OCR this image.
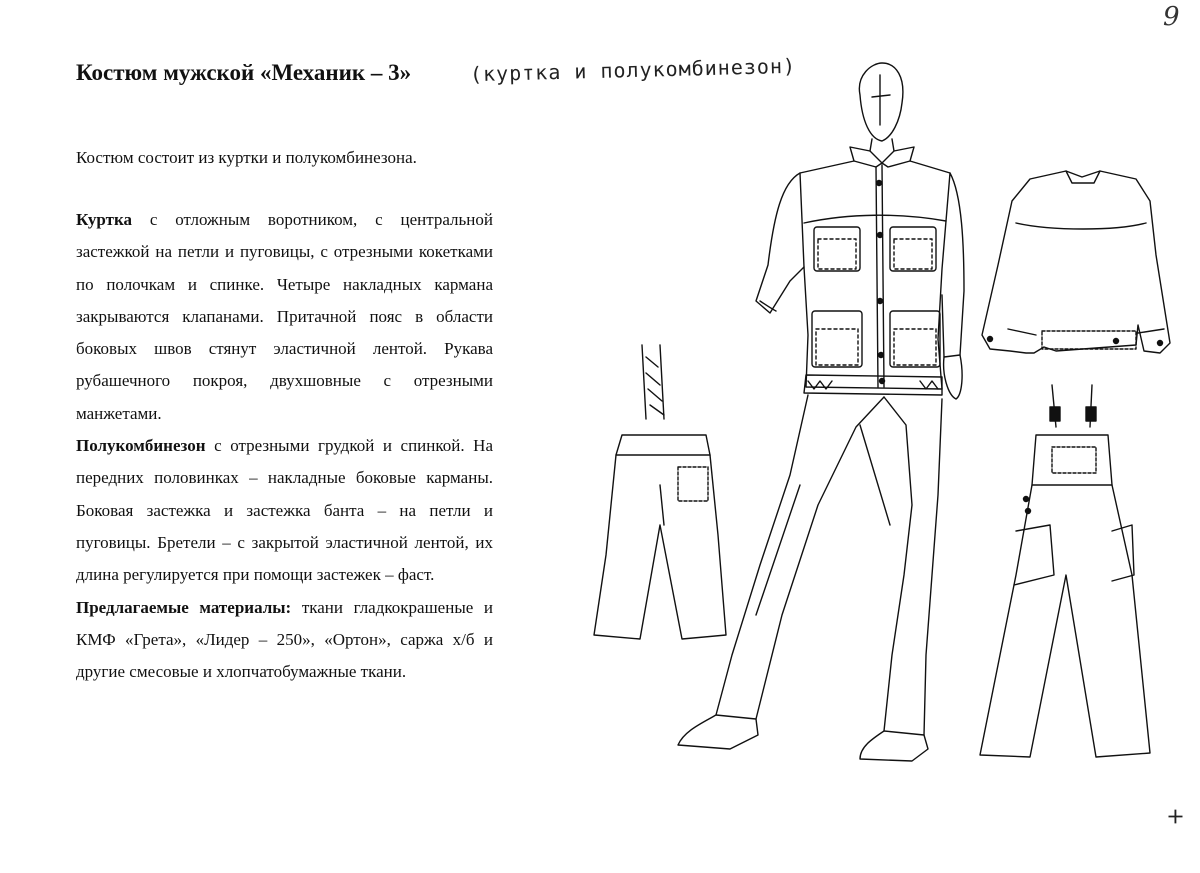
9
+
Костюм мужской «Механик – 3»	(куртка и полукомбинезон)
Костюм состоит из куртки и полукомбинезона.

Куртка с отложным воротником, с центральной застежкой на петли и пуговицы, с отрезными кокетками по полочкам и спинке. Четыре накладных кармана закрываются клапанами. Притачной пояс в области боковых швов стянут эластичной лентой. Рукава рубашечного покроя, двухшовные с отрезными манжетами.

Полукомбинезон с отрезными грудкой и спинкой. На передних половинках – накладные боковые карманы. Боковая застежка и застежка банта – на петли и пуговицы. Бретели – с закрытой эластичной лентой, их длина регулируется при помощи застежек – фаст.

Предлагаемые материалы: ткани гладкокрашеные и КМФ «Грета», «Лидер – 250», «Ортон», саржа х/б и другие смесовые и хлопчатобумажные ткани.
